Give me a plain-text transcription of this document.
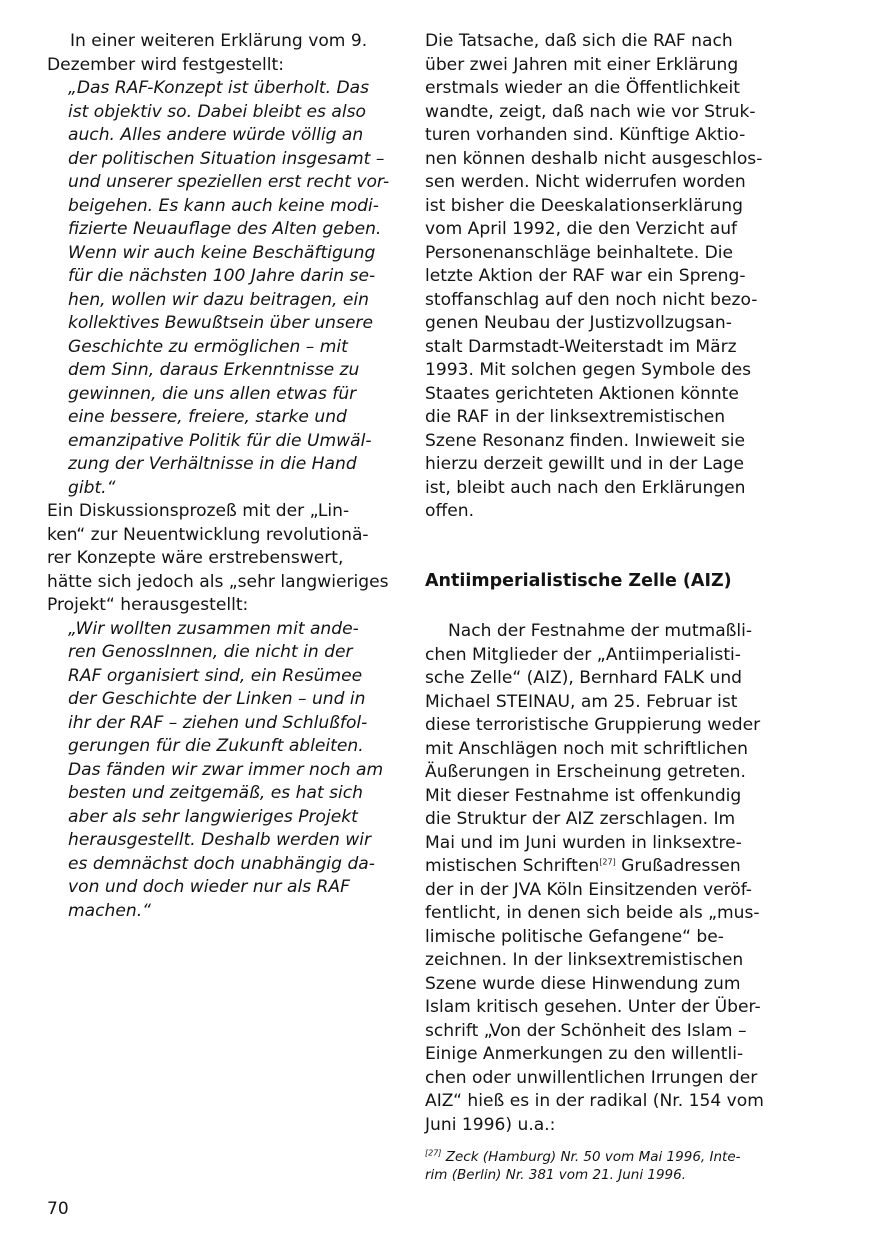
In einer weiteren Erklärung vom 9.
Dezember wird festgestellt:
„Das RAF-Konzept ist überholt. Das
ist objektiv so. Dabei bleibt es also
auch. Alles andere würde völlig an
der politischen Situation insgesamt –
und unserer speziellen erst recht vor-
beigehen. Es kann auch keine modi-
fizierte Neuauflage des Alten geben.
Wenn wir auch keine Beschäftigung
für die nächsten 100 Jahre darin se-
hen, wollen wir dazu beitragen, ein
kollektives Bewußtsein über unsere
Geschichte zu ermöglichen – mit
dem Sinn, daraus Erkenntnisse zu
gewinnen, die uns allen etwas für
eine bessere, freiere, starke und
emanzipative Politik für die Umwäl-
zung der Verhältnisse in die Hand
gibt.“
Ein Diskussionsprozeß mit der „Lin-
ken“ zur Neuentwicklung revolutionä-
rer Konzepte wäre erstrebenswert,
hätte sich jedoch als „sehr langwieriges
Projekt“ herausgestellt:
„Wir wollten zusammen mit ande-
ren GenossInnen, die nicht in der
RAF organisiert sind, ein Resümee
der Geschichte der Linken – und in
ihr der RAF – ziehen und Schlußfol-
gerungen für die Zukunft ableiten.
Das fänden wir zwar immer noch am
besten und zeitgemäß, es hat sich
aber als sehr langwieriges Projekt
herausgestellt. Deshalb werden wir
es demnächst doch unabhängig da-
von und doch wieder nur als RAF
machen.“
Die Tatsache, daß sich die RAF nach
über zwei Jahren mit einer Erklärung
erstmals wieder an die Öffentlichkeit
wandte, zeigt, daß nach wie vor Struk-
turen vorhanden sind. Künftige Aktio-
nen können deshalb nicht ausgeschlos-
sen werden. Nicht widerrufen worden
ist bisher die Deeskalationserklärung
vom April 1992, die den Verzicht auf
Personenanschläge beinhaltete. Die
letzte Aktion der RAF war ein Spreng-
stoffanschlag auf den noch nicht bezo-
genen Neubau der Justizvollzugsan-
stalt Darmstadt-Weiterstadt im März
1993. Mit solchen gegen Symbole des
Staates gerichteten Aktionen könnte
die RAF in der linksextremistischen
Szene Resonanz finden. Inwieweit sie
hierzu derzeit gewillt und in der Lage
ist, bleibt auch nach den Erklärungen
offen.
Antiimperialistische Zelle (AIZ)
Nach der Festnahme der mutmaßli-
chen Mitglieder der „Antiimperialisti-
sche Zelle“ (AIZ), Bernhard FALK und
Michael STEINAU, am 25. Februar ist
diese terroristische Gruppierung weder
mit Anschlägen noch mit schriftlichen
Äußerungen in Erscheinung getreten.
Mit dieser Festnahme ist offenkundig
die Struktur der AIZ zerschlagen. Im
Mai und im Juni wurden in linksextre-
mistischen Schriften[27] Grußadressen
der in der JVA Köln Einsitzenden veröf-
fentlicht, in denen sich beide als „mus-
limische politische Gefangene“ be-
zeichnen. In der linksextremistischen
Szene wurde diese Hinwendung zum
Islam kritisch gesehen. Unter der Über-
schrift „Von der Schönheit des Islam –
Einige Anmerkungen zu den willentli-
chen oder unwillentlichen Irrungen der
AIZ“ hieß es in der radikal (Nr. 154 vom
Juni 1996) u.a.:
[27] Zeck (Hamburg) Nr. 50 vom Mai 1996, Inte-
rim (Berlin) Nr. 381 vom 21. Juni 1996.
70
